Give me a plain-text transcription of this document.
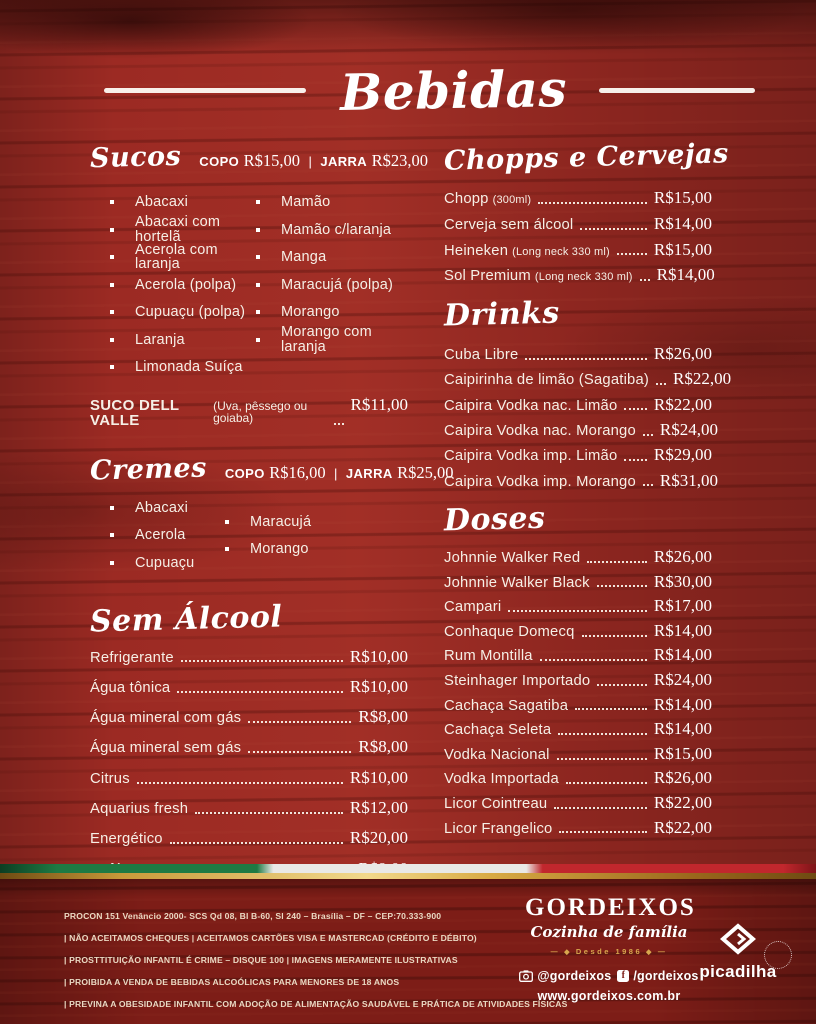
Bebidas
Sucos COPO R$15,00 | JARRA R$23,00
Abacaxi
Abacaxi com hortelã
Acerola com laranja
Acerola (polpa)
Cupuaçu (polpa)
Laranja
Limonada Suíça
Mamão
Mamão c/laranja
Manga
Maracujá (polpa)
Morango
Morango com laranja
SUCO DELL VALLE
(Uva, pêssego ou goiaba)
R$11,00
Cremes COPO R$16,00 | JARRA R$25,00
Abacaxi
Acerola
Cupuaçu
Maracujá
Morango
Sem Álcool
Refrigerante	R$10,00
Água tônica	R$10,00
Água mineral com gás	R$8,00
Água mineral sem gás	R$8,00
Citrus	R$10,00
Aquarius fresh	R$12,00
Energético	R$20,00
Chopps e Cervejas
Chopp (300ml)	R$15,00
Cerveja sem álcool	R$14,00
Heineken (Long neck 330 ml)	R$15,00
Sol Premium (Long neck 330 ml) R$14,00
Drinks
Cuba Libre	R$26,00
Caipirinha de limão (Sagatiba) R$22,00
Caipira Vodka nac. Limão R$22,00
Caipira Vodka nac. Morango R$24,00
Caipira Vodka imp. Limão R$29,00
Caipira Vodka imp. Morango R$31,00
Doses
Johnnie Walker Red	R$26,00
Johnnie Walker Black	R$30,00
Campari	R$17,00
Conhaque Domecq	R$14,00
Rum Montilla	R$14,00
Steinhager Importado	R$24,00
Cachaça Sagatiba	R$14,00
Cachaça Seleta	R$14,00
Vodka Nacional	R$15,00
Vodka Importada	R$26,00
Licor Cointreau	R$22,00
Licor Frangelico	R$22,00
PROCON 151 Venâncio 2000- SCS Qd 08, Bl B-60, Sl 240 – Brasília – DF – CEP:70.333-900
| NÃO ACEITAMOS CHEQUES | ACEITAMOS CARTÕES VISA E MASTERCAD (CRÉDITO E DÉBITO)
| PROSTTITUIÇÃO INFANTIL É CRIME – DISQUE 100 | IMAGENS MERAMENTE ILUSTRATIVAS
| PROIBIDA A VENDA DE BEBIDAS ALCOÓLICAS PARA MENORES DE 18 ANOS
| PREVINA A OBESIDADE INFANTIL COM ADOÇÃO DE ALIMENTAÇÃO SAUDÁVEL E PRÁTICA DE ATIVIDADES FÍSICAS
GORDEIXOS
Cozinha de família
— ◆ Desde 1986 ◆ —
@gordeixos	f /gordeixos
www.gordeixos.com.br
picadilha
